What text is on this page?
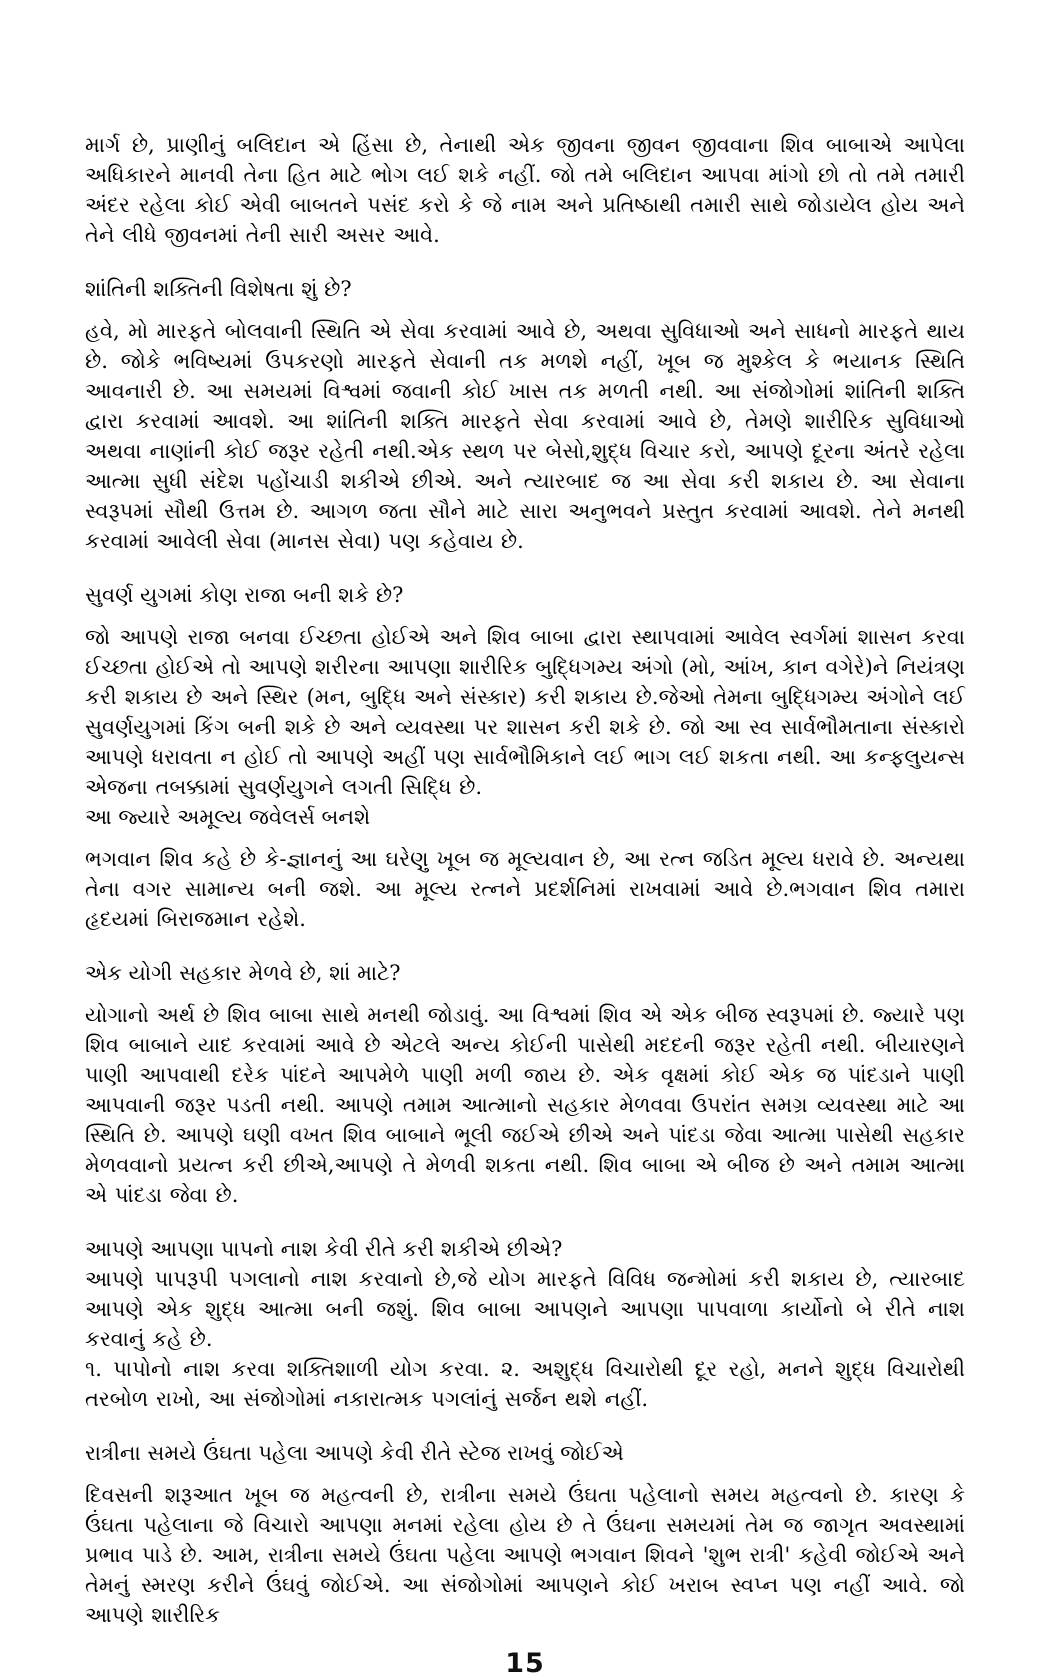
માર્ગ છે, પ્રાણીનું બલિદાન એ હિંસા છે, તેનાથી એક જીવના જીવન જીવવાના શિવ બાબાએ આપેલા અધિકારને માનવી તેના હિત માટે ભોગ લઈ શકે નહીં. જો તમે બલિદાન આપવા માંગો છો તો તમે તમારી અંદર રહેલા કોઈ એવી બાબતને પસંદ કરો કે જે નામ અને પ્રતિષ્ઠાથી તમારી સાથે જોડાયેલ હોય અને તેને લીધે જીવનમાં તેની સારી અસર આવે.

શાંતિની શક્તિની વિશેષતા શું છે?

હવે, મો મારફતે બોલવાની સ્થિતિ એ સેવા કરવામાં આવે છે, અથવા સુવિધાઓ અને સાધનો મારફતે થાય છે. જોકે ભવિષ્યમાં ઉપકરણો મારફતે સેવાની તક મળશે નહીં, ખૂબ જ મુશ્કેલ કે ભયાનક સ્થિતિ આવનારી છે. આ સમયમાં વિશ્વમાં જવાની કોઈ ખાસ તક મળતી નથી. આ સંજોગોમાં શાંતિની શક્તિ દ્વારા કરવામાં આવશે. આ શાંતિની શક્તિ મારફતે સેવા કરવામાં આવે છે, તેમણે શારીરિક સુવિધાઓ અથવા નાણાંની કોઈ જરૂર રહેતી નથી.એક સ્થળ પર બેસો,શુદ્ધ વિચાર કરો, આપણે દૂરના અંતરે રહેલા આત્મા સુધી સંદેશ પહોંચાડી શકીએ છીએ. અને ત્યારબાદ જ આ સેવા કરી શકાય છે. આ સેવાના સ્વરૂપમાં સૌથી ઉત્તમ છે. આગળ જતા સૌને માટે સારા અનુભવને પ્રસ્તુત કરવામાં આવશે. તેને મનથી કરવામાં આવેલી સેવા (માનસ સેવા) પણ કહેવાય છે.

સુવર્ણ યુગમાં કોણ રાજા બની શકે છે?

જો આપણે રાજા બનવા ઈચ્છતા હોઈએ અને શિવ બાબા દ્વારા સ્થાપવામાં આવેલ સ્વર્ગમાં શાસન કરવા ઈચ્છતા હોઈએ તો આપણે શરીરના આપણા શારીરિક બુદ્ધિગમ્ય અંગો (મો, આંખ, કાન વગેરે)ને નિયંત્રણ કરી શકાય છે અને સ્થિર (મન, બુદ્ધિ અને સંસ્કાર) કરી શકાય છે.જેઓ તેમના બુદ્ધિગમ્ય અંગોને લઈ સુવર્ણયુગમાં કિંગ બની શકે છે અને વ્યવસ્થા પર શાસન કરી શકે છે. જો આ સ્વ સાર્વભૌમતાના સંસ્કારો આપણે ધરાવતા ન હોઈ તો આપણે અહીં પણ સાર્વભૌમિકાને લઈ ભાગ લઈ શકતા નથી. આ કન્ફલુયન્સ એજના તબક્કામાં સુવર્ણયુગને લગતી સિદ્ધિ છે.

આ જ્યારે અમૂલ્ય જવેલર્સ બનશે

ભગવાન શિવ કહે છે કે-જ્ઞાનનું આ ઘરેણુ ખૂબ જ મૂલ્યવાન છે, આ રત્ન જડિત મૂલ્ય ધરાવે છે. અન્યથા તેના વગર સામાન્ય બની જશે. આ મૂલ્ય રત્નને પ્રદર્શનિમાં રાખવામાં આવે છે.ભગવાન શિવ તમારા હૃદયમાં બિરાજમાન રહેશે.

એક યોગી સહકાર મેળવે છે, શાં માટે?

યોગાનો અર્થ છે શિવ બાબા સાથે મનથી જોડાવું. આ વિશ્વમાં શિવ એ એક બીજ સ્વરૂપમાં છે. જ્યારે પણ શિવ બાબાને યાદ કરવામાં આવે છે એટલે અન્ય કોઈની પાસેથી મદદની જરૂર રહેતી નથી. બીયારણને પાણી આપવાથી દરેક પાંદને આપમેળે પાણી મળી જાય છે. એક વૃક્ષમાં કોઈ એક જ પાંદડાને પાણી આપવાની જરૂર પડતી નથી. આપણે તમામ આત્માનો સહકાર મેળવવા ઉપરાંત સમગ્ર વ્યવસ્થા માટે આ સ્થિતિ છે. આપણે ઘણી વખત શિવ બાબાને ભૂલી જઈએ છીએ અને પાંદડા જેવા આત્મા પાસેથી સહકાર મેળવવાનો પ્રયત્ન કરી છીએ,આપણે તે મેળવી શકતા નથી. શિવ બાબા એ બીજ છે અને તમામ આત્મા એ પાંદડા જેવા છે.

આપણે આપણા પાપનો નાશ કેવી રીતે કરી શકીએ છીએ?

આપણે પાપરૂપી પગલાનો નાશ કરવાનો છે,જે યોગ મારફતે વિવિધ જન્મોમાં કરી શકાય છે, ત્યારબાદ આપણે એક શુદ્ધ આત્મા બની જશું. શિવ બાબા આપણને આપણા પાપવાળા કાર્યોનો બે રીતે નાશ કરવાનું કહે છે.

૧. પાપોનો નાશ કરવા શક્તિશાળી યોગ કરવા. ૨. અશુદ્ધ વિચારોથી દૂર રહો, મનને શુદ્ધ વિચારોથી તરબોળ રાખો, આ સંજોગોમાં નકારાત્મક પગલાંનું સર્જન થશે નહીં.

રાત્રીના સમયે ઉંઘતા પહેલા આપણે કેવી રીતે સ્ટેજ રાખવું જોઈએ

દિવસની શરૂઆત ખૂબ જ મહત્વની છે, રાત્રીના સમયે ઉંઘતા પહેલાનો સમય મહત્વનો છે. કારણ કે ઉંઘતા પહેલાના જે વિચારો આપણા મનમાં રહેલા હોય છે તે ઉંઘના સમયમાં તેમ જ જાગૃત અવસ્થામાં પ્રભાવ પાડે છે. આમ, રાત્રીના સમયે ઉંઘતા પહેલા આપણે ભગવાન શિવને 'શુભ રાત્રી' કહેવી જોઈએ અને તેમનું સ્મરણ કરીને ઉંઘવું જોઈએ. આ સંજોગોમાં આપણને કોઈ ખરાબ સ્વપ્ન પણ નહીં આવે. જો આપણે શારીરિક

15
